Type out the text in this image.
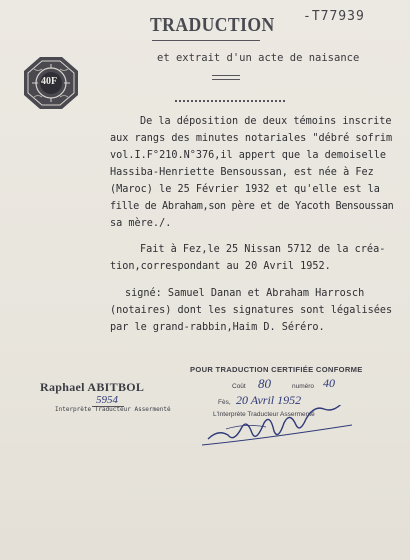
TRADUCTION -T77939
et extrait d'un acte de naisance
40F
De la déposition de deux témoins inscrite
aux rangs des minutes notariales "débré sofrim
vol.I.F°210.N°376,il appert que la demoiselle
Hassiba-Henriette Bensoussan, est née à Fez
(Maroc) le 25 Février 1932 et qu'elle est la
fille de Abraham,son père et de Yacoth Bensoussan
sa mère./.
Fait à Fez,le 25 Nissan 5712 de la créa-
tion,correspondant au 20 Avril 1952.
signé: Samuel Danan et Abraham Harrosch
(notaires) dont les signatures sont légalisées
par le grand-rabbin,Haim D. Séréro.
Raphael ABITBOL
5954
Interprète Traducteur Assermenté
POUR TRADUCTION CERTIFIÉE CONFORME
Coût 80	numéro 40
Fès, 20 Avril 1952
L'Interprète Traducteur Assermenté
